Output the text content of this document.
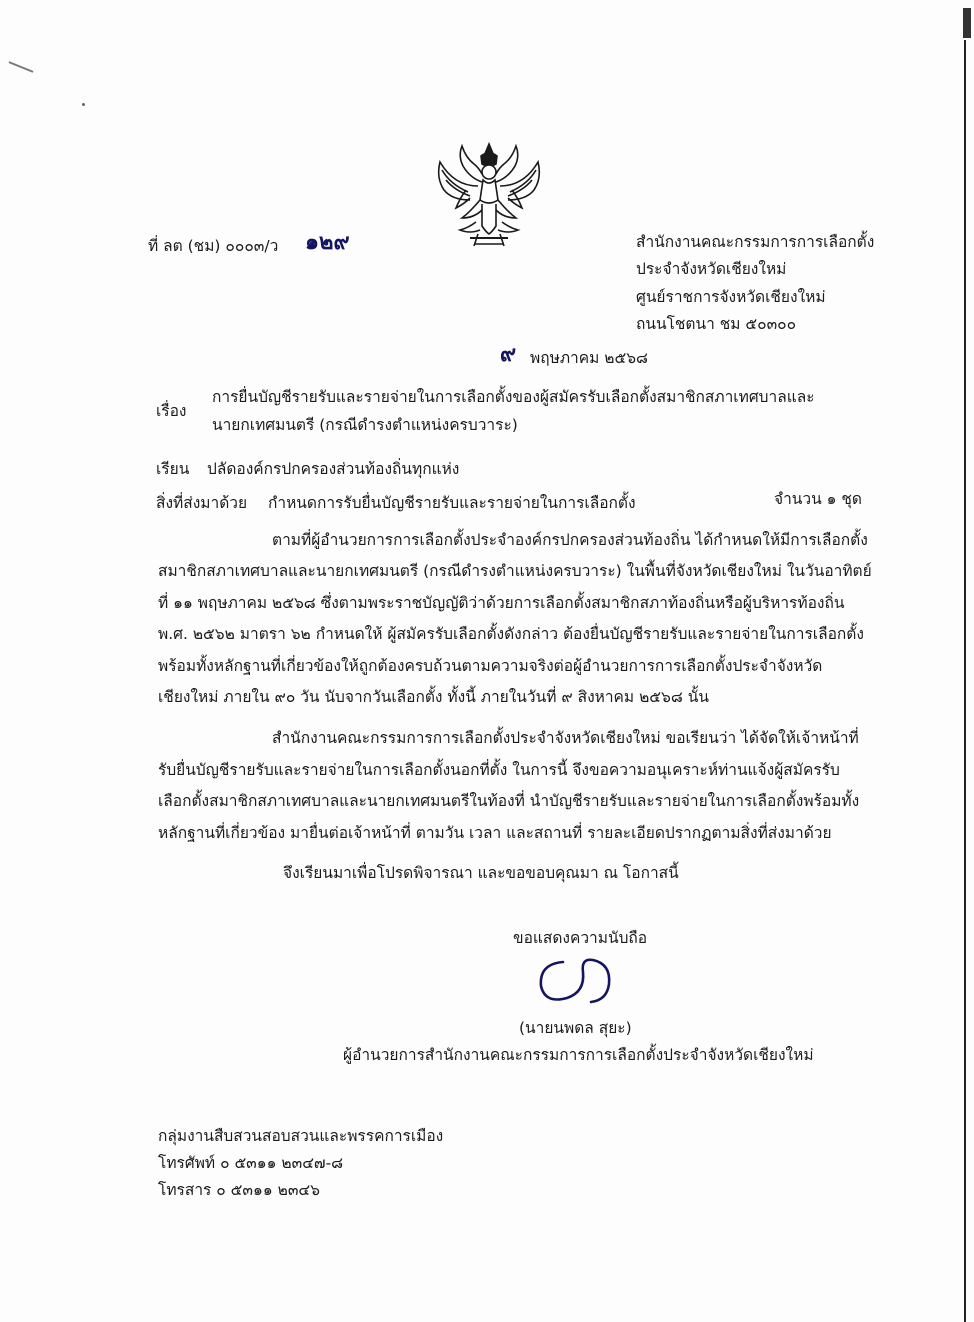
ที่ ลต (ชม) ๐๐๐๓/ว ๑๒๙	สำนักงานคณะกรรมการการเลือกตั้ง
ประจำจังหวัดเชียงใหม่
ศูนย์ราชการจังหวัดเชียงใหม่
ถนนโชตนา ชม ๕๐๓๐๐
๙ พฤษภาคม ๒๕๖๘
เรื่อง
การยื่นบัญชีรายรับและรายจ่ายในการเลือกตั้งของผู้สมัครรับเลือกตั้งสมาชิกสภาเทศบาลและ
นายกเทศมนตรี (กรณีดำรงตำแหน่งครบวาระ)
เรียน ปลัดองค์กรปกครองส่วนท้องถิ่นทุกแห่ง
สิ่งที่ส่งมาด้วย กำหนดการรับยื่นบัญชีรายรับและรายจ่ายในการเลือกตั้ง	จำนวน ๑ ชุด
ตามที่ผู้อำนวยการการเลือกตั้งประจำองค์กรปกครองส่วนท้องถิ่น ได้กำหนดให้มีการเลือกตั้ง
สมาชิกสภาเทศบาลและนายกเทศมนตรี (กรณีดำรงตำแหน่งครบวาระ) ในพื้นที่จังหวัดเชียงใหม่ ในวันอาทิตย์
ที่ ๑๑ พฤษภาคม ๒๕๖๘ ซึ่งตามพระราชบัญญัติว่าด้วยการเลือกตั้งสมาชิกสภาท้องถิ่นหรือผู้บริหารท้องถิ่น
พ.ศ. ๒๕๖๒ มาตรา ๖๒ กำหนดให้ ผู้สมัครรับเลือกตั้งดังกล่าว ต้องยื่นบัญชีรายรับและรายจ่ายในการเลือกตั้ง
พร้อมทั้งหลักฐานที่เกี่ยวข้องให้ถูกต้องครบถ้วนตามความจริงต่อผู้อำนวยการการเลือกตั้งประจำจังหวัด
เชียงใหม่ ภายใน ๙๐ วัน นับจากวันเลือกตั้ง ทั้งนี้ ภายในวันที่ ๙ สิงหาคม ๒๕๖๘ นั้น
สำนักงานคณะกรรมการการเลือกตั้งประจำจังหวัดเชียงใหม่ ขอเรียนว่า ได้จัดให้เจ้าหน้าที่
รับยื่นบัญชีรายรับและรายจ่ายในการเลือกตั้งนอกที่ตั้ง ในการนี้ จึงขอความอนุเคราะห์ท่านแจ้งผู้สมัครรับ
เลือกตั้งสมาชิกสภาเทศบาลและนายกเทศมนตรีในท้องที่ นำบัญชีรายรับและรายจ่ายในการเลือกตั้งพร้อมทั้ง
หลักฐานที่เกี่ยวข้อง มายื่นต่อเจ้าหน้าที่ ตามวัน เวลา และสถานที่ รายละเอียดปรากฏตามสิ่งที่ส่งมาด้วย
จึงเรียนมาเพื่อโปรดพิจารณา และขอขอบคุณมา ณ โอกาสนี้
ขอแสดงความนับถือ
(นายนพดล สุยะ)
ผู้อำนวยการสำนักงานคณะกรรมการการเลือกตั้งประจำจังหวัดเชียงใหม่
กลุ่มงานสืบสวนสอบสวนและพรรคการเมือง
โทรศัพท์ ๐ ๕๓๑๑ ๒๓๔๗-๘
โทรสาร ๐ ๕๓๑๑ ๒๓๔๖
